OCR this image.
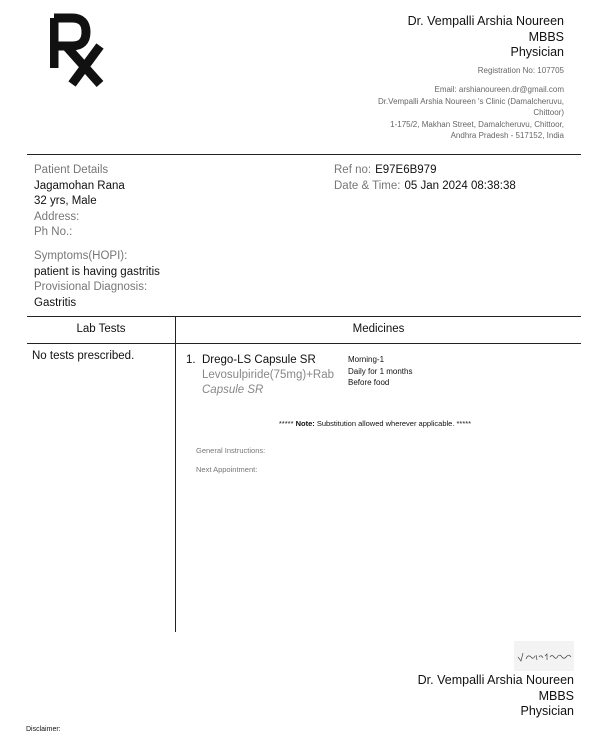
Dr. Vempalli Arshia Noureen
MBBS
Physician
Registration No: 107705
Email: arshianoureen.dr@gmail.com
Dr.Vempalli Arshia Noureen 's Clinic (Damalcheruvu,
Chittoor)
1-175/2, Makhan Street, Damalcheruvu, Chittoor,
Andhra Pradesh - 517152, India
Patient Details
Jagamohan Rana
32 yrs, Male
Address:
Ph No.:
Symptoms(HOPI):
patient is having gastritis
Provisional Diagnosis:
Gastritis
Ref no: E97E6B979
Date & Time: 05 Jan 2024 08:38:38
Lab Tests	Medicines
No tests prescribed.	1. Drego-LS Capsule SR
Levosulpiride(75mg)+Rab
Capsule SR
Morning-1
Daily for 1 months
Before food
***** Note: Substitution allowed wherever applicable. *****
General Instructions:
Next Appointment:
Dr. Vempalli Arshia Noureen
MBBS
Physician
Disclaimer:
